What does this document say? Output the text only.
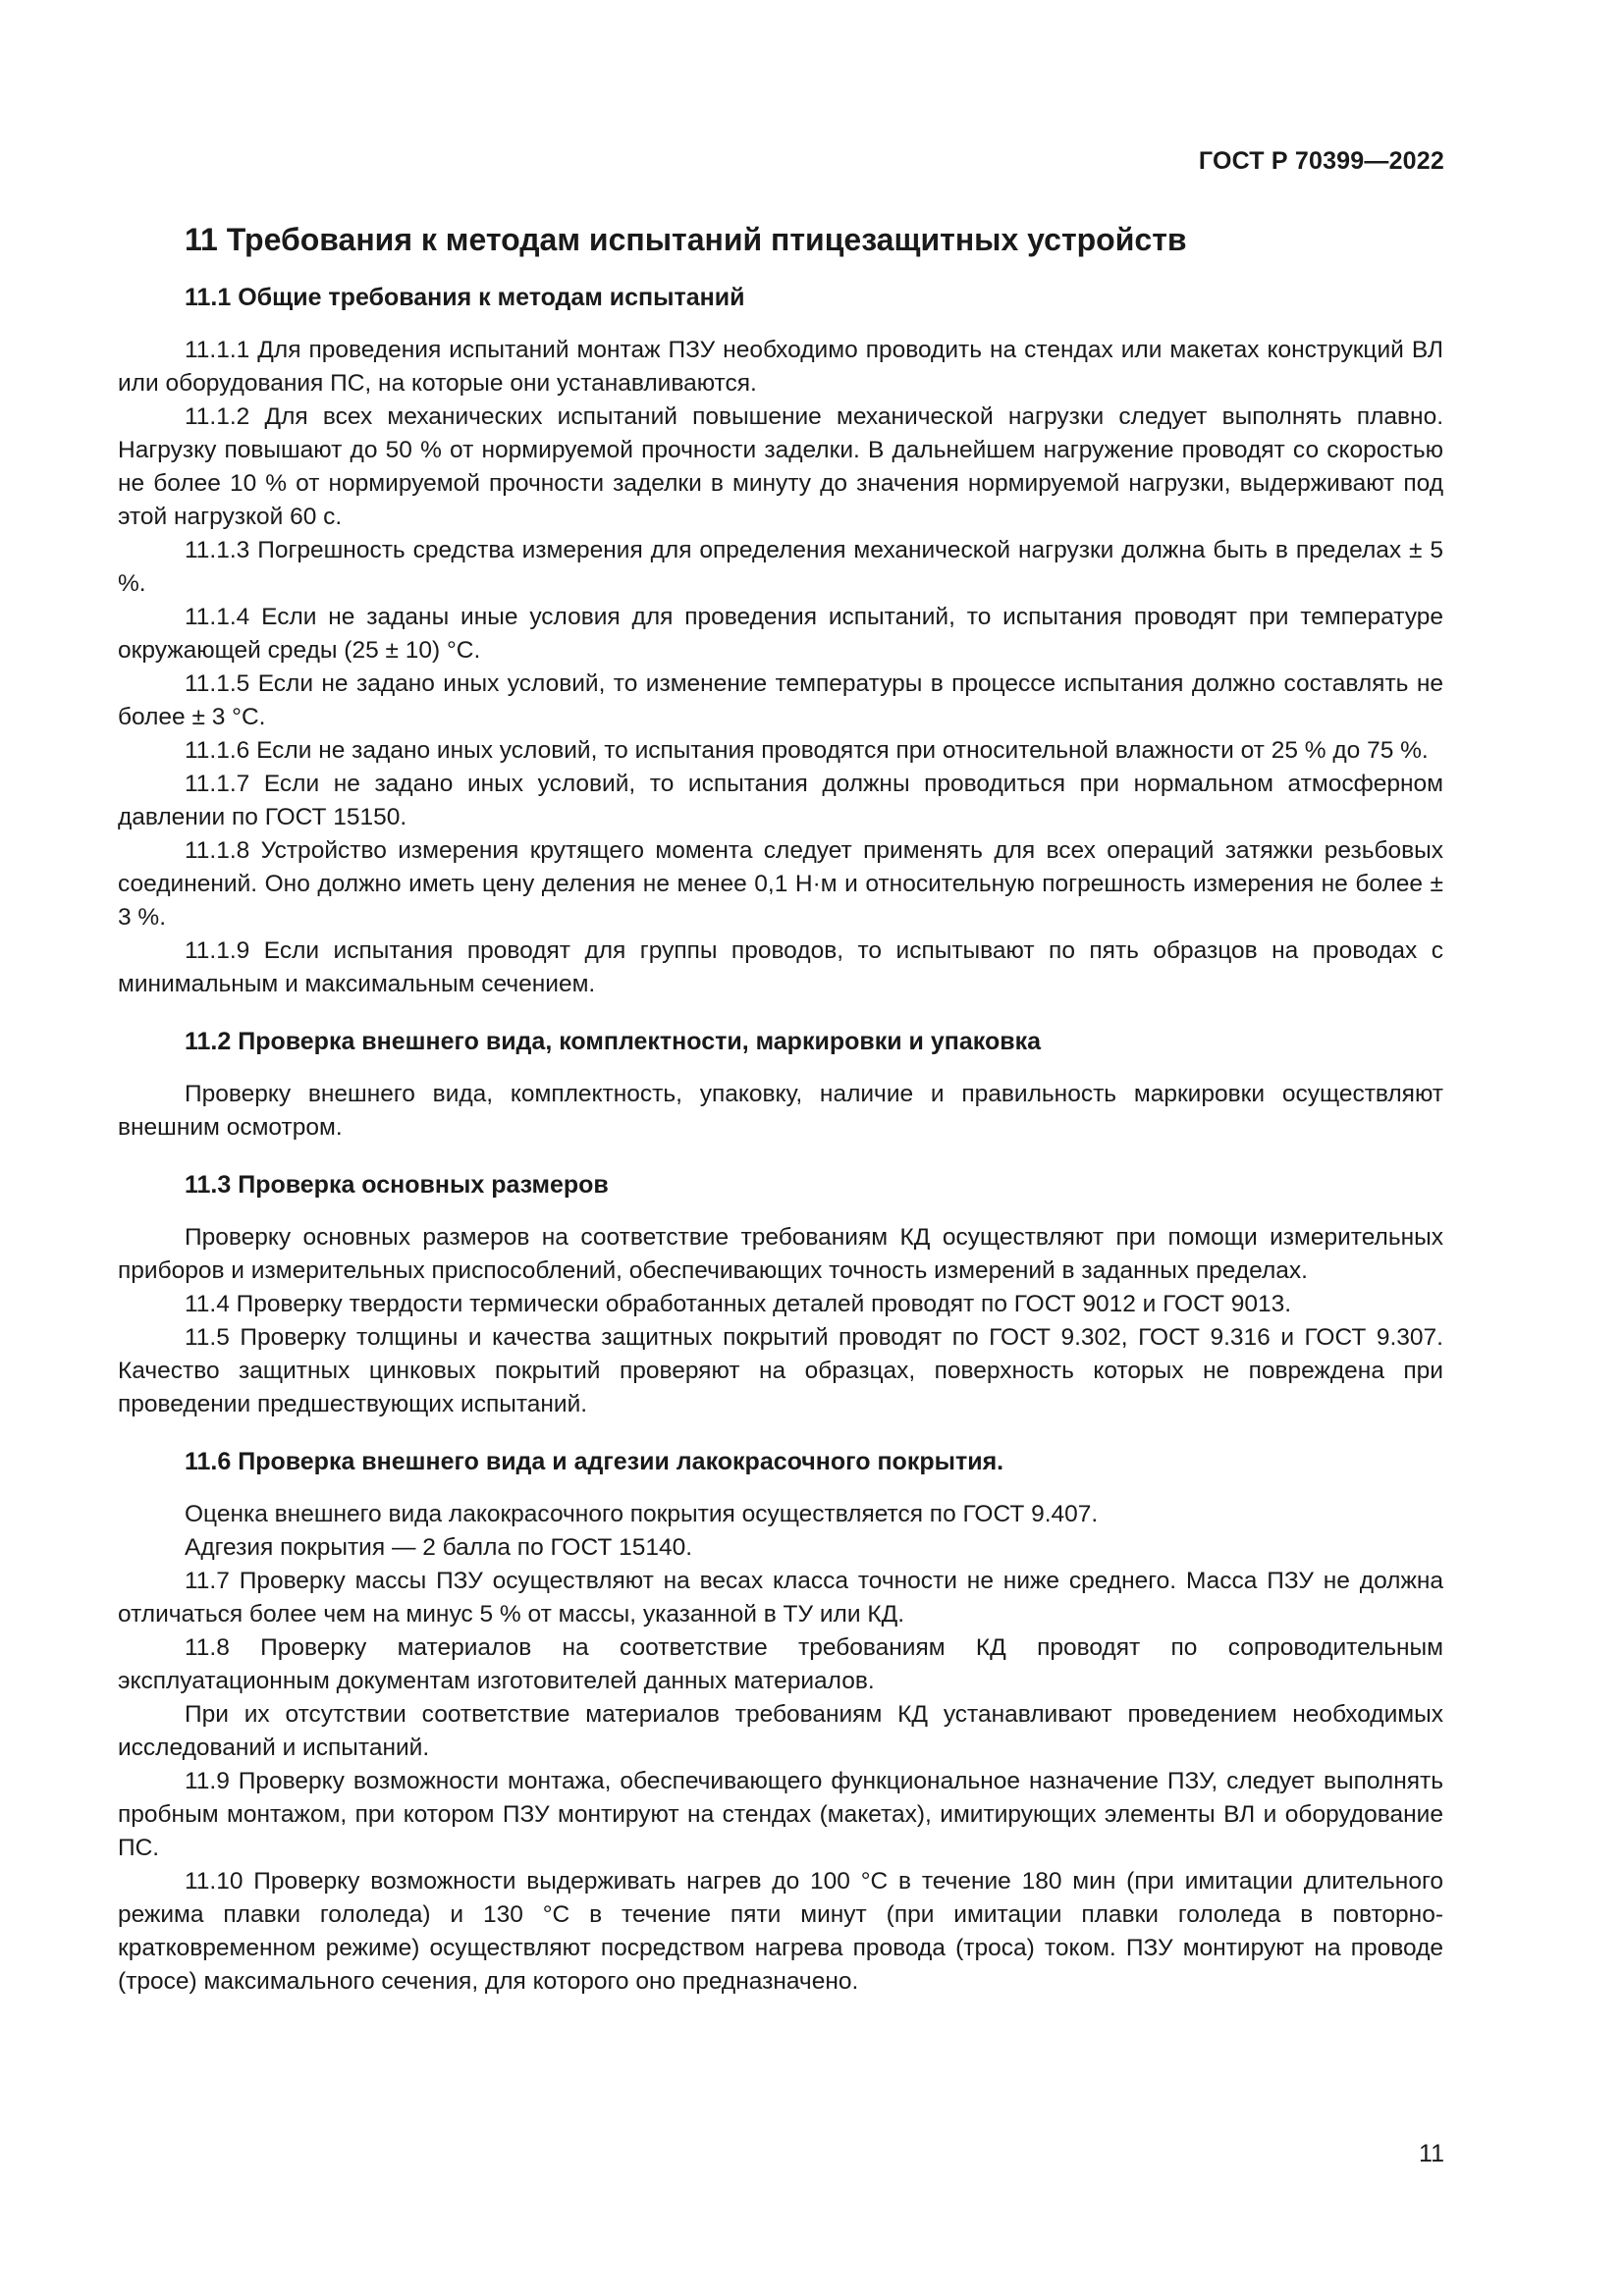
ГОСТ Р 70399—2022
11 Требования к методам испытаний птицезащитных устройств
11.1 Общие требования к методам испытаний

11.1.1 Для проведения испытаний монтаж ПЗУ необходимо проводить на стендах или макетах конструкций ВЛ или оборудования ПС, на которые они устанавливаются.

11.1.2 Для всех механических испытаний повышение механической нагрузки следует выполнять плавно. Нагрузку повышают до 50 % от нормируемой прочности заделки. В дальнейшем нагружение проводят со скоростью не более 10 % от нормируемой прочности заделки в минуту до значения нормируемой нагрузки, выдерживают под этой нагрузкой 60 с.

11.1.3 Погрешность средства измерения для определения механической нагрузки должна быть в пределах ± 5 %.

11.1.4 Если не заданы иные условия для проведения испытаний, то испытания проводят при температуре окружающей среды (25 ± 10) °С.

11.1.5 Если не задано иных условий, то изменение температуры в процессе испытания должно составлять не более ± 3 °С.

11.1.6 Если не задано иных условий, то испытания проводятся при относительной влажности от 25 % до 75 %.

11.1.7 Если не задано иных условий, то испытания должны проводиться при нормальном атмосферном давлении по ГОСТ 15150.

11.1.8 Устройство измерения крутящего момента следует применять для всех операций затяжки резьбовых соединений. Оно должно иметь цену деления не менее 0,1 Н·м и относительную погрешность измерения не более ± 3 %.

11.1.9 Если испытания проводят для группы проводов, то испытывают по пять образцов на проводах с минимальным и максимальным сечением.

11.2 Проверка внешнего вида, комплектности, маркировки и упаковка

Проверку внешнего вида, комплектность, упаковку, наличие и правильность маркировки осуществляют внешним осмотром.

11.3 Проверка основных размеров

Проверку основных размеров на соответствие требованиям КД осуществляют при помощи измерительных приборов и измерительных приспособлений, обеспечивающих точность измерений в заданных пределах.

11.4 Проверку твердости термически обработанных деталей проводят по ГОСТ 9012 и ГОСТ 9013.

11.5 Проверку толщины и качества защитных покрытий проводят по ГОСТ 9.302, ГОСТ 9.316 и ГОСТ 9.307. Качество защитных цинковых покрытий проверяют на образцах, поверхность которых не повреждена при проведении предшествующих испытаний.

11.6 Проверка внешнего вида и адгезии лакокрасочного покрытия.

Оценка внешнего вида лакокрасочного покрытия осуществляется по ГОСТ 9.407.

Адгезия покрытия — 2 балла по ГОСТ 15140.

11.7 Проверку массы ПЗУ осуществляют на весах класса точности не ниже среднего. Масса ПЗУ не должна отличаться более чем на минус 5 % от массы, указанной в ТУ или КД.

11.8 Проверку материалов на соответствие требованиям КД проводят по сопроводительным эксплуатационным документам изготовителей данных материалов.

При их отсутствии соответствие материалов требованиям КД устанавливают проведением необходимых исследований и испытаний.

11.9 Проверку возможности монтажа, обеспечивающего функциональное назначение ПЗУ, следует выполнять пробным монтажом, при котором ПЗУ монтируют на стендах (макетах), имитирующих элементы ВЛ и оборудование ПС.

11.10 Проверку возможности выдерживать нагрев до 100 °С в течение 180 мин (при имитации длительного режима плавки гололеда) и 130 °С в течение пяти минут (при имитации плавки гололеда в повторно-кратковременном режиме) осуществляют посредством нагрева провода (троса) током. ПЗУ монтируют на проводе (тросе) максимального сечения, для которого оно предназначено.

11
